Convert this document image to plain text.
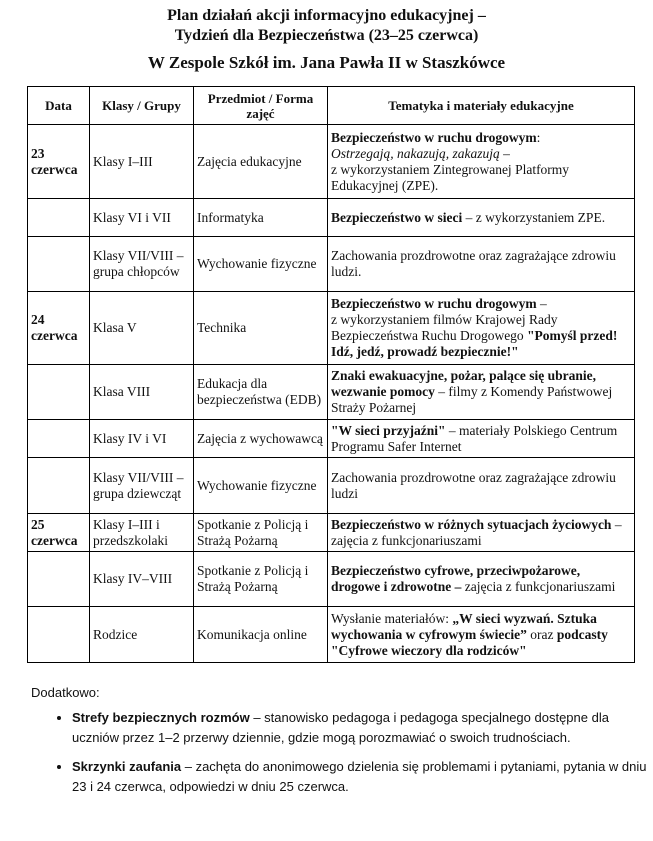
Plan działań akcji informacyjno edukacyjnej –
Tydzień dla Bezpieczeństwa (23–25 czerwca)
W Zespole Szkół im. Jana Pawła II w Staszkówce
Data	Klasy / Grupy	Przedmiot / Forma zajęć	Tematyka i materiały edukacyjne
23 czerwca	Klasy I–III	Zajęcia edukacyjne	Bezpieczeństwo w ruchu drogowym:
Ostrzegają, nakazują, zakazują –
z wykorzystaniem Zintegrowanej Platformy Edukacyjnej (ZPE).
	Klasy VI i VII	Informatyka	Bezpieczeństwo w sieci – z wykorzystaniem ZPE.
	Klasy VII/VIII – grupa chłopców	Wychowanie fizyczne	Zachowania prozdrowotne oraz zagrażające zdrowiu ludzi.
24 czerwca	Klasa V	Technika	Bezpieczeństwo w ruchu drogowym –
z wykorzystaniem filmów Krajowej Rady Bezpieczeństwa Ruchu Drogowego "Pomyśl przed! Idź, jedź, prowadź bezpiecznie!"
	Klasa VIII	Edukacja dla bezpieczeństwa (EDB)	Znaki ewakuacyjne, pożar, palące się ubranie, wezwanie pomocy – filmy z Komendy Państwowej Straży Pożarnej
	Klasy IV i VI	Zajęcia z wychowawcą	"W sieci przyjaźni" – materiały Polskiego Centrum Programu Safer Internet
	Klasy VII/VIII – grupa dziewcząt	Wychowanie fizyczne	Zachowania prozdrowotne oraz zagrażające zdrowiu ludzi
25 czerwca	Klasy I–III i przedszkolaki	Spotkanie z Policją i Strażą Pożarną	Bezpieczeństwo w różnych sytuacjach życiowych – zajęcia z funkcjonariuszami
	Klasy IV–VIII	Spotkanie z Policją i Strażą Pożarną	Bezpieczeństwo cyfrowe, przeciwpożarowe, drogowe i zdrowotne – zajęcia z funkcjonariuszami
	Rodzice	Komunikacja online	Wysłanie materiałów: „W sieci wyzwań. Sztuka wychowania w cyfrowym świecie” oraz podcasty "Cyfrowe wieczory dla rodziców"
Dodatkowo:
• Strefy bezpiecznych rozmów – stanowisko pedagoga i pedagoga specjalnego dostępne dla uczniów przez 1–2 przerwy dziennie, gdzie mogą porozmawiać o swoich trudnościach.
• Skrzynki zaufania – zachęta do anonimowego dzielenia się problemami i pytaniami, pytania w dniu 23 i 24 czerwca, odpowiedzi w dniu 25 czerwca.
